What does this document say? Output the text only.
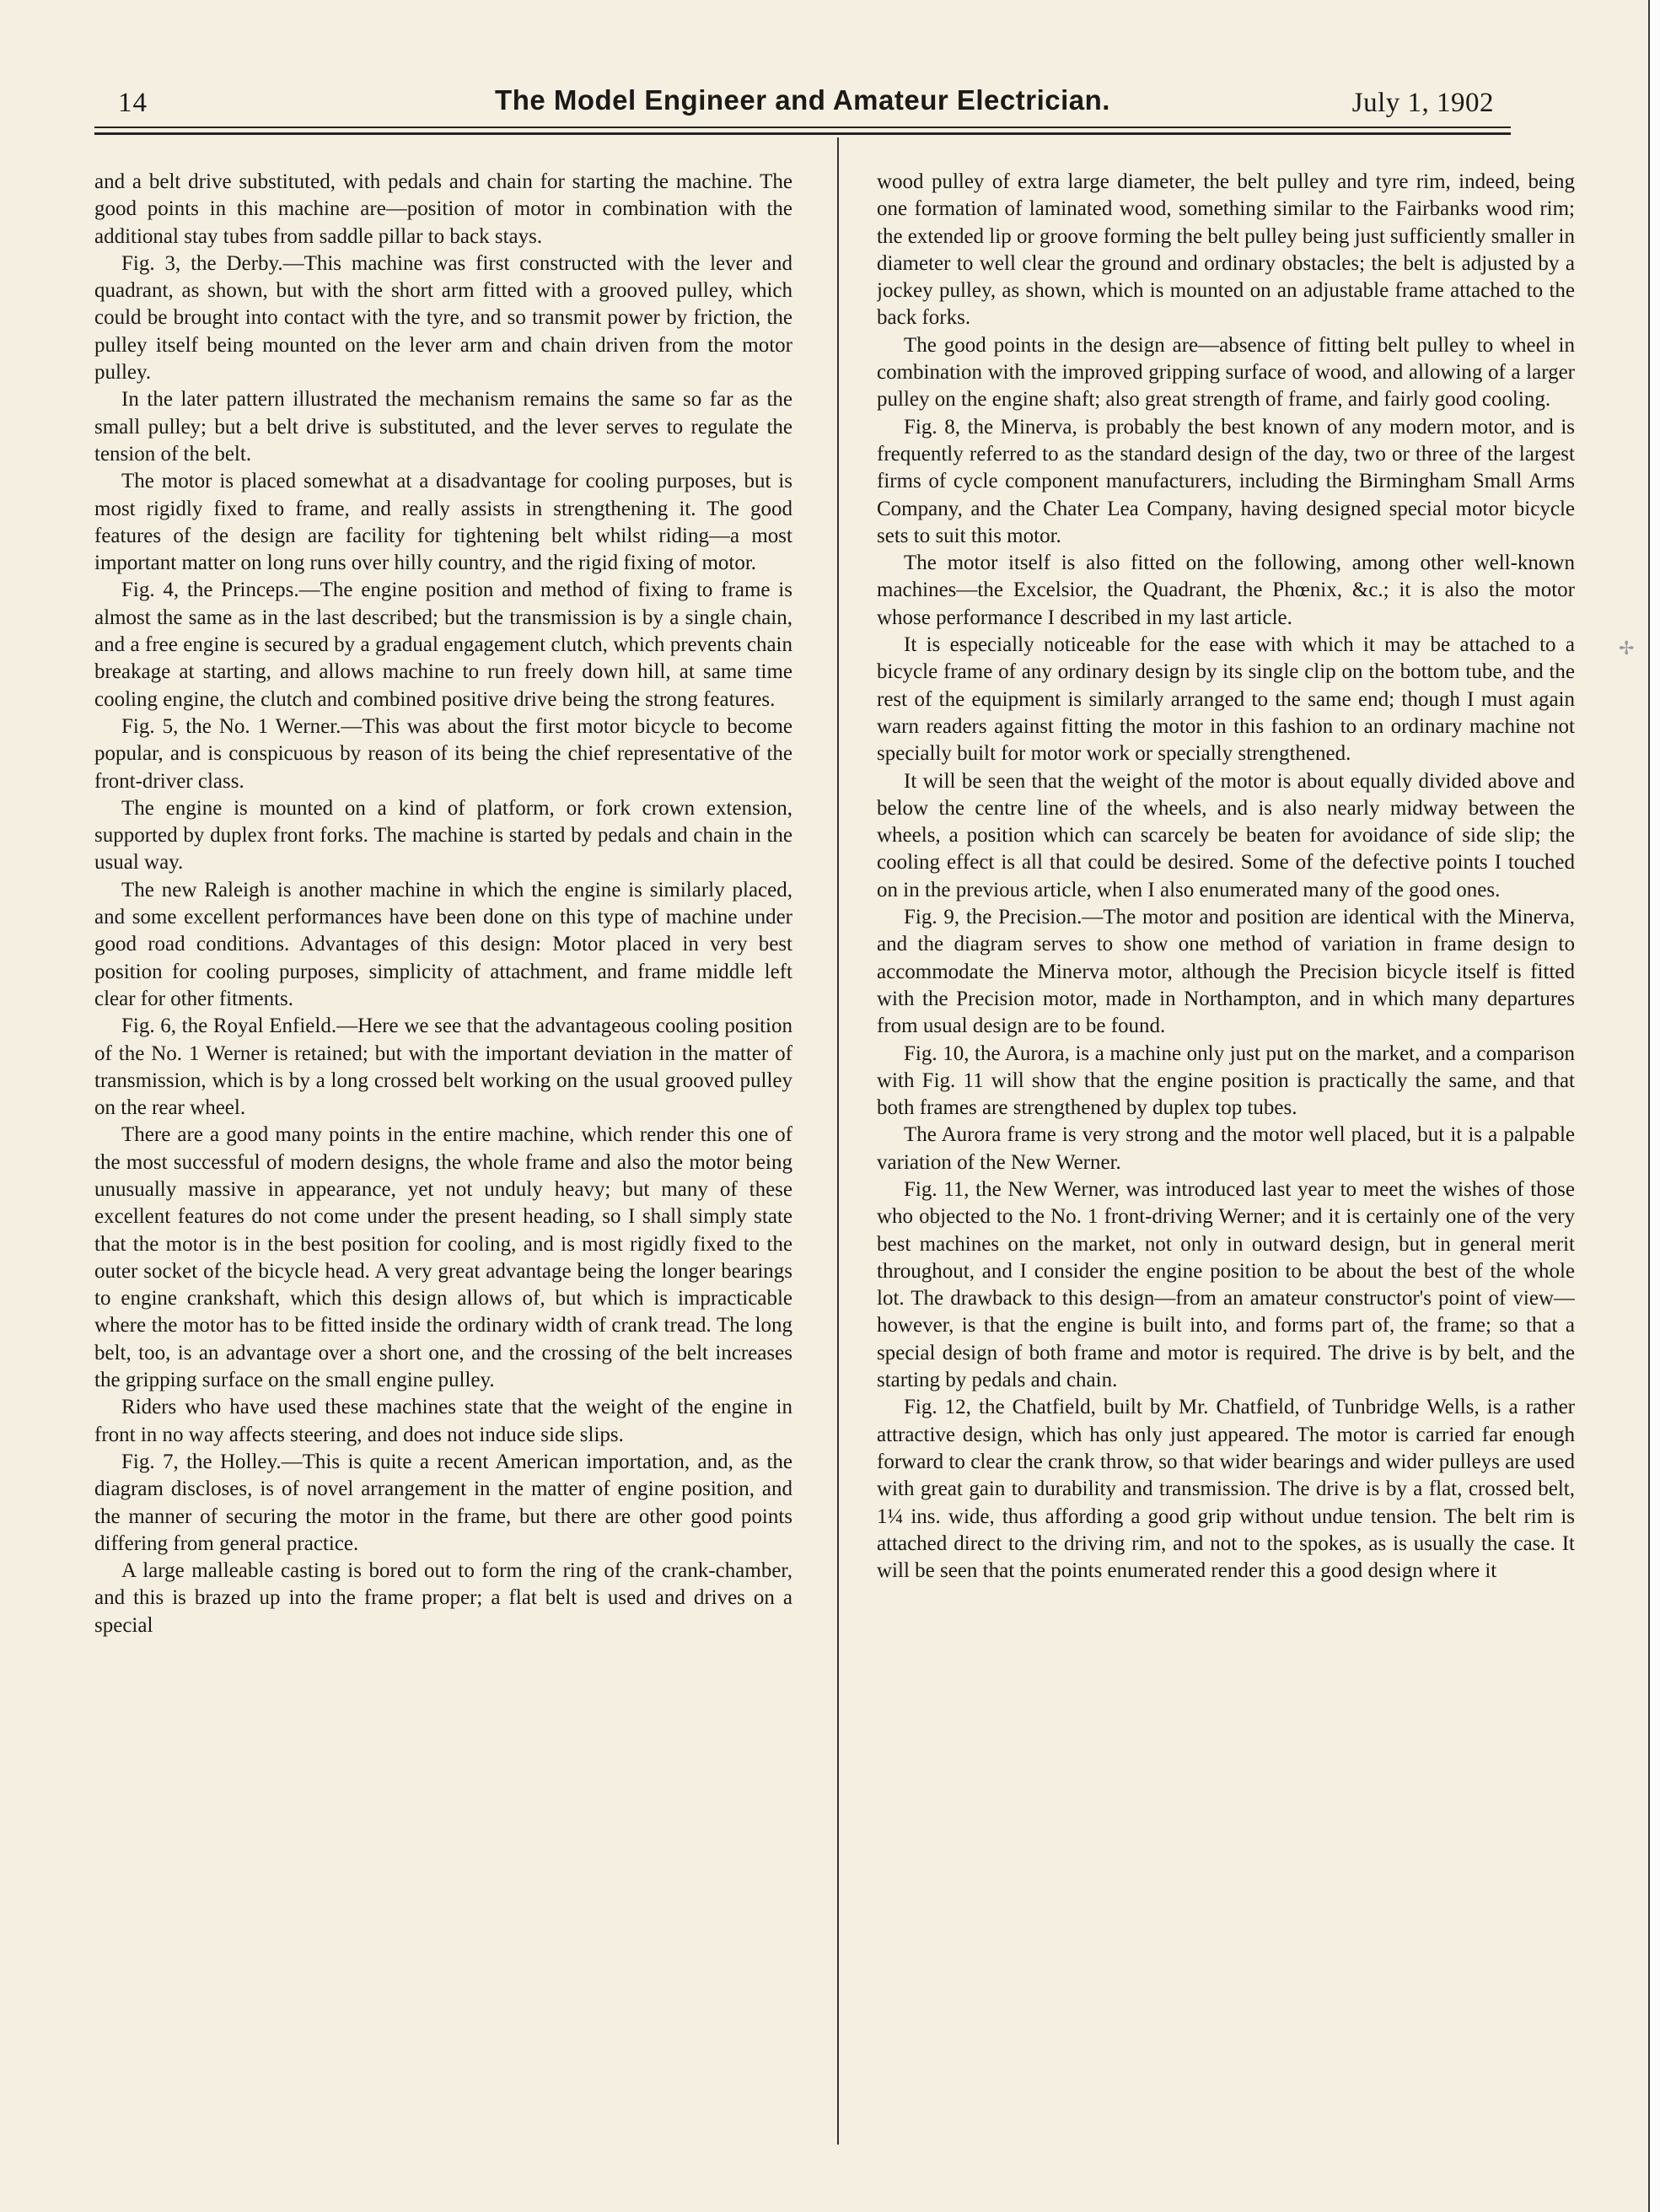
14	The Model Engineer and Amateur Electrician.	July 1, 1902

and a belt drive substituted, with pedals and chain for starting the machine. The good points in this machine are—position of motor in combination with the additional stay tubes from saddle pillar to back stays.

Fig. 3, the Derby.—This machine was first constructed with the lever and quadrant, as shown, but with the short arm fitted with a grooved pulley, which could be brought into contact with the tyre, and so transmit power by friction, the pulley itself being mounted on the lever arm and chain driven from the motor pulley.

In the later pattern illustrated the mechanism remains the same so far as the small pulley; but a belt drive is substituted, and the lever serves to regulate the tension of the belt.

The motor is placed somewhat at a disadvantage for cooling purposes, but is most rigidly fixed to frame, and really assists in strengthening it. The good features of the design are facility for tightening belt whilst riding—a most important matter on long runs over hilly country, and the rigid fixing of motor.

Fig. 4, the Princeps.—The engine position and method of fixing to frame is almost the same as in the last described; but the transmission is by a single chain, and a free engine is secured by a gradual engagement clutch, which prevents chain breakage at starting, and allows machine to run freely down hill, at same time cooling engine, the clutch and combined positive drive being the strong features.

Fig. 5, the No. 1 Werner.—This was about the first motor bicycle to become popular, and is conspicuous by reason of its being the chief representative of the front-driver class.

The engine is mounted on a kind of platform, or fork crown extension, supported by duplex front forks. The machine is started by pedals and chain in the usual way.

The new Raleigh is another machine in which the engine is similarly placed, and some excellent performances have been done on this type of machine under good road conditions. Advantages of this design: Motor placed in very best position for cooling purposes, simplicity of attachment, and frame middle left clear for other fitments.

Fig. 6, the Royal Enfield.—Here we see that the advantageous cooling position of the No. 1 Werner is retained; but with the important deviation in the matter of transmission, which is by a long crossed belt working on the usual grooved pulley on the rear wheel.

There are a good many points in the entire machine, which render this one of the most successful of modern designs, the whole frame and also the motor being unusually massive in appearance, yet not unduly heavy; but many of these excellent features do not come under the present heading, so I shall simply state that the motor is in the best position for cooling, and is most rigidly fixed to the outer socket of the bicycle head. A very great advantage being the longer bearings to engine crankshaft, which this design allows of, but which is impracticable where the motor has to be fitted inside the ordinary width of crank tread. The long belt, too, is an advantage over a short one, and the crossing of the belt increases the gripping surface on the small engine pulley.

Riders who have used these machines state that the weight of the engine in front in no way affects steering, and does not induce side slips.

Fig. 7, the Holley.—This is quite a recent American importation, and, as the diagram discloses, is of novel arrangement in the matter of engine position, and the manner of securing the motor in the frame, but there are other good points differing from general practice.

A large malleable casting is bored out to form the ring of the crank-chamber, and this is brazed up into the frame proper; a flat belt is used and drives on a special

wood pulley of extra large diameter, the belt pulley and tyre rim, indeed, being one formation of laminated wood, something similar to the Fairbanks wood rim; the extended lip or groove forming the belt pulley being just sufficiently smaller in diameter to well clear the ground and ordinary obstacles; the belt is adjusted by a jockey pulley, as shown, which is mounted on an adjustable frame attached to the back forks.

The good points in the design are—absence of fitting belt pulley to wheel in combination with the improved gripping surface of wood, and allowing of a larger pulley on the engine shaft; also great strength of frame, and fairly good cooling.

Fig. 8, the Minerva, is probably the best known of any modern motor, and is frequently referred to as the standard design of the day, two or three of the largest firms of cycle component manufacturers, including the Birmingham Small Arms Company, and the Chater Lea Company, having designed special motor bicycle sets to suit this motor.

The motor itself is also fitted on the following, among other well-known machines—the Excelsior, the Quadrant, the Phœnix, &c.; it is also the motor whose performance I described in my last article.

It is especially noticeable for the ease with which it may be attached to a bicycle frame of any ordinary design by its single clip on the bottom tube, and the rest of the equipment is similarly arranged to the same end; though I must again warn readers against fitting the motor in this fashion to an ordinary machine not specially built for motor work or specially strengthened.

It will be seen that the weight of the motor is about equally divided above and below the centre line of the wheels, and is also nearly midway between the wheels, a position which can scarcely be beaten for avoidance of side slip; the cooling effect is all that could be desired. Some of the defective points I touched on in the previous article, when I also enumerated many of the good ones.

Fig. 9, the Precision.—The motor and position are identical with the Minerva, and the diagram serves to show one method of variation in frame design to accommodate the Minerva motor, although the Precision bicycle itself is fitted with the Precision motor, made in Northampton, and in which many departures from usual design are to be found.

Fig. 10, the Aurora, is a machine only just put on the market, and a comparison with Fig. 11 will show that the engine position is practically the same, and that both frames are strengthened by duplex top tubes.

The Aurora frame is very strong and the motor well placed, but it is a palpable variation of the New Werner.

Fig. 11, the New Werner, was introduced last year to meet the wishes of those who objected to the No. 1 front-driving Werner; and it is certainly one of the very best machines on the market, not only in outward design, but in general merit throughout, and I consider the engine position to be about the best of the whole lot. The drawback to this design—from an amateur constructor's point of view—however, is that the engine is built into, and forms part of, the frame; so that a special design of both frame and motor is required. The drive is by belt, and the starting by pedals and chain.

Fig. 12, the Chatfield, built by Mr. Chatfield, of Tunbridge Wells, is a rather attractive design, which has only just appeared. The motor is carried far enough forward to clear the crank throw, so that wider bearings and wider pulleys are used with great gain to durability and transmission. The drive is by a flat, crossed belt, 1¼ ins. wide, thus affording a good grip without undue tension. The belt rim is attached direct to the driving rim, and not to the spokes, as is usually the case. It will be seen that the points enumerated render this a good design where it

✢
